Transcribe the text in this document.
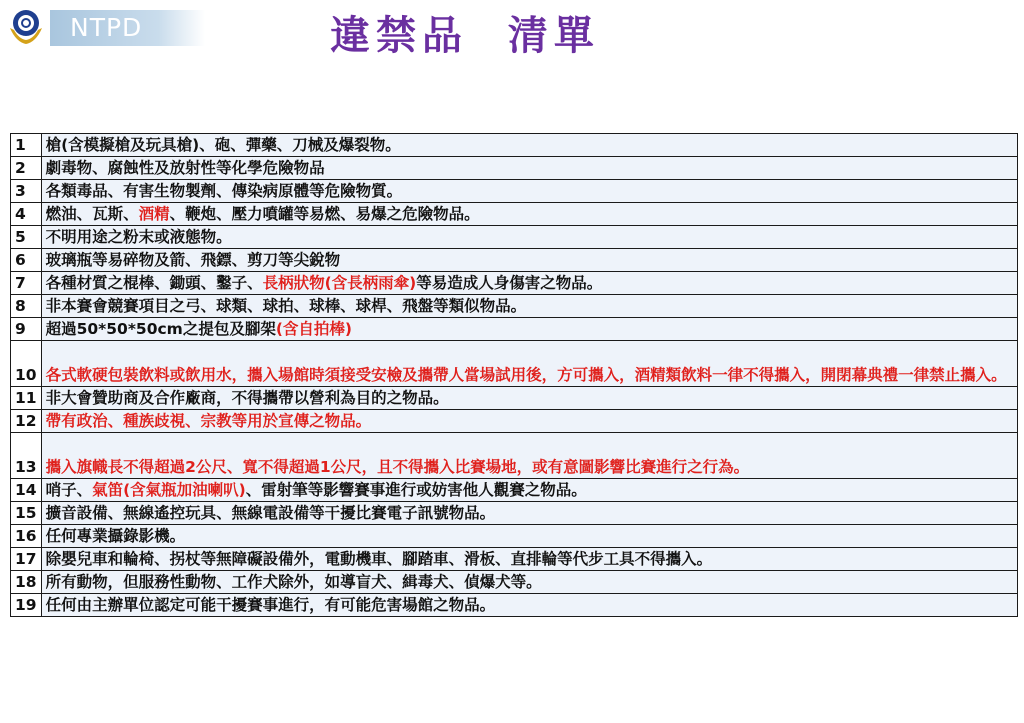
NTPD	違禁品  清單
1	槍(含模擬槍及玩具槍)、砲、彈藥、刀械及爆裂物。
2	劇毒物、腐蝕性及放射性等化學危險物品
3	各類毒品、有害生物製劑、傳染病原體等危險物質。
4	燃油、瓦斯、酒精、鞭炮、壓力噴罐等易燃、易爆之危險物品。
5	不明用途之粉末或液態物。
6	玻璃瓶等易碎物及箭、飛鏢、剪刀等尖銳物
7	各種材質之棍棒、鋤頭、鑿子、長柄狀物(含長柄雨傘)等易造成人身傷害之物品。
8	非本賽會競賽項目之弓、球類、球拍、球棒、球桿、飛盤等類似物品。
9	超過50*50*50cm之提包及腳架(含自拍棒)
10	各式軟硬包裝飲料或飲用水，攜入場館時須接受安檢及攜帶人當場試用後，方可攜入，酒精類飲料一律不得攜入，開閉幕典禮一律禁止攜入。
11	非大會贊助商及合作廠商，不得攜帶以營利為目的之物品。
12	帶有政治、種族歧視、宗教等用於宣傳之物品。
13	攜入旗幟長不得超過2公尺、寬不得超過1公尺，且不得攜入比賽場地，或有意圖影響比賽進行之行為。
14	哨子、氣笛(含氣瓶加油喇叭)、雷射筆等影響賽事進行或妨害他人觀賽之物品。
15	擴音設備、無線遙控玩具、無線電設備等干擾比賽電子訊號物品。
16	任何專業攝錄影機。
17	除嬰兒車和輪椅、拐杖等無障礙設備外，電動機車、腳踏車、滑板、直排輪等代步工具不得攜入。
18	所有動物，但服務性動物、工作犬除外，如導盲犬、緝毒犬、偵爆犬等。
19	任何由主辦單位認定可能干擾賽事進行，有可能危害場館之物品。
